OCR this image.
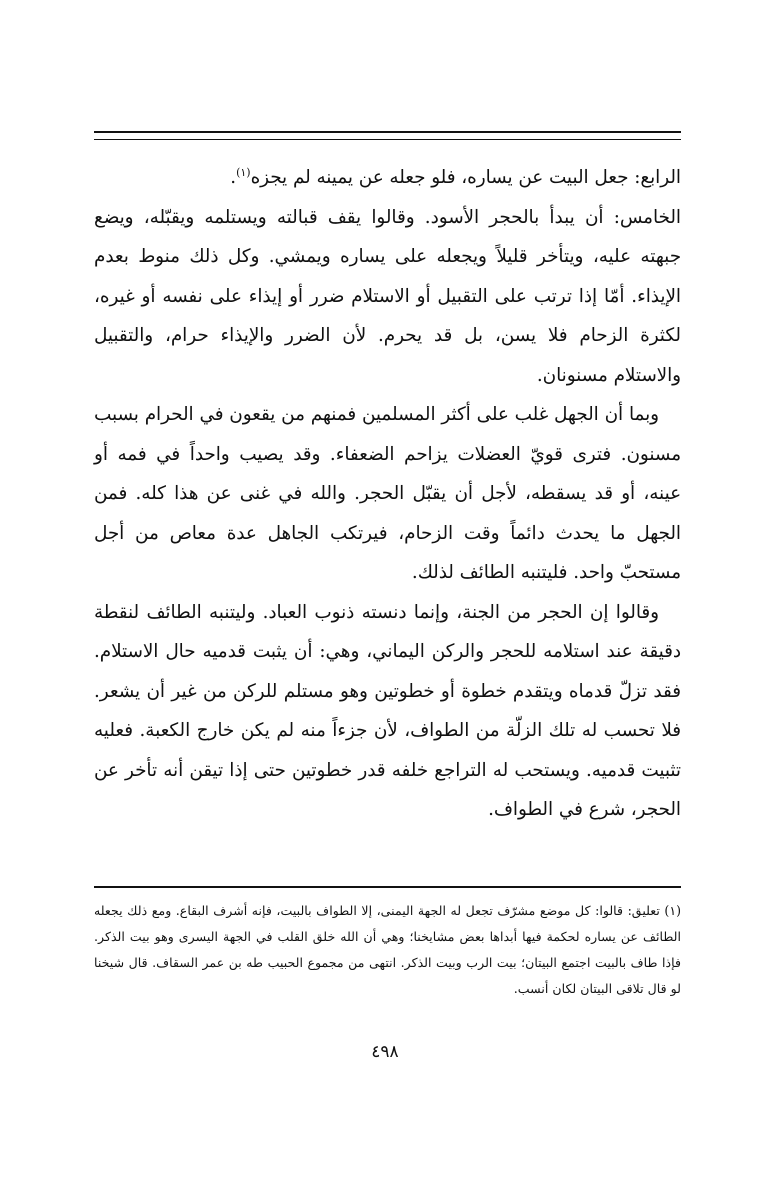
الرابع: جعل البيت عن يساره، فلو جعله عن يمينه لم يجزه$^{(١)}$.

الخامس: أن يبدأ بالحجر الأسود. وقالوا يقف قبالته ويستلمه ويقبّله، ويضع جبهته عليه، ويتأخر قليلاً ويجعله على يساره ويمشي. وكل ذلك منوط بعدم الإيذاء. أمّا إذا ترتب على التقبيل أو الاستلام ضرر أو إيذاء على نفسه أو غيره، لكثرة الزحام فلا يسن، بل قد يحرم. لأن الضرر والإيذاء حرام، والتقبيل والاستلام مسنونان.

وبما أن الجهل غلب على أكثر المسلمين فمنهم من يقعون في الحرام بسبب مسنون. فترى قويّ العضلات يزاحم الضعفاء. وقد يصيب واحداً في فمه أو عينه، أو قد يسقطه، لأجل أن يقبّل الحجر. والله في غنى عن هذا كله. فمن الجهل ما يحدث دائماً وقت الزحام، فيرتكب الجاهل عدة معاص من أجل مستحبّ واحد. فليتنبه الطائف لذلك.

وقالوا إن الحجر من الجنة، وإنما دنسته ذنوب العباد. وليتنبه الطائف لنقطة دقيقة عند استلامه للحجر والركن اليماني، وهي: أن يثبت قدميه حال الاستلام. فقد تزلّ قدماه ويتقدم خطوة أو خطوتين وهو مستلم للركن من غير أن يشعر. فلا تحسب له تلك الزلّة من الطواف، لأن جزءاً منه لم يكن خارج الكعبة. فعليه تثبيت قدميه. ويستحب له التراجع خلفه قدر خطوتين حتى إذا تيقن أنه تأخر عن الحجر، شرع في الطواف.

(١) تعليق: قالوا: كل موضع مشرّف تجعل له الجهة اليمنى، إلا الطواف بالبيت، فإنه أشرف البقاع. ومع ذلك يجعله الطائف عن يساره لحكمة فيها أبداها بعض مشايخنا؛ وهي أن الله خلق القلب في الجهة اليسرى وهو بيت الذكر. فإذا طاف بالبيت اجتمع البيتان؛ بيت الرب وبيت الذكر. انتهى من مجموع الحبيب طه بن عمر السقاف. قال شيخنا لو قال تلاقى البيتان لكان أنسب.

٤٩٨
